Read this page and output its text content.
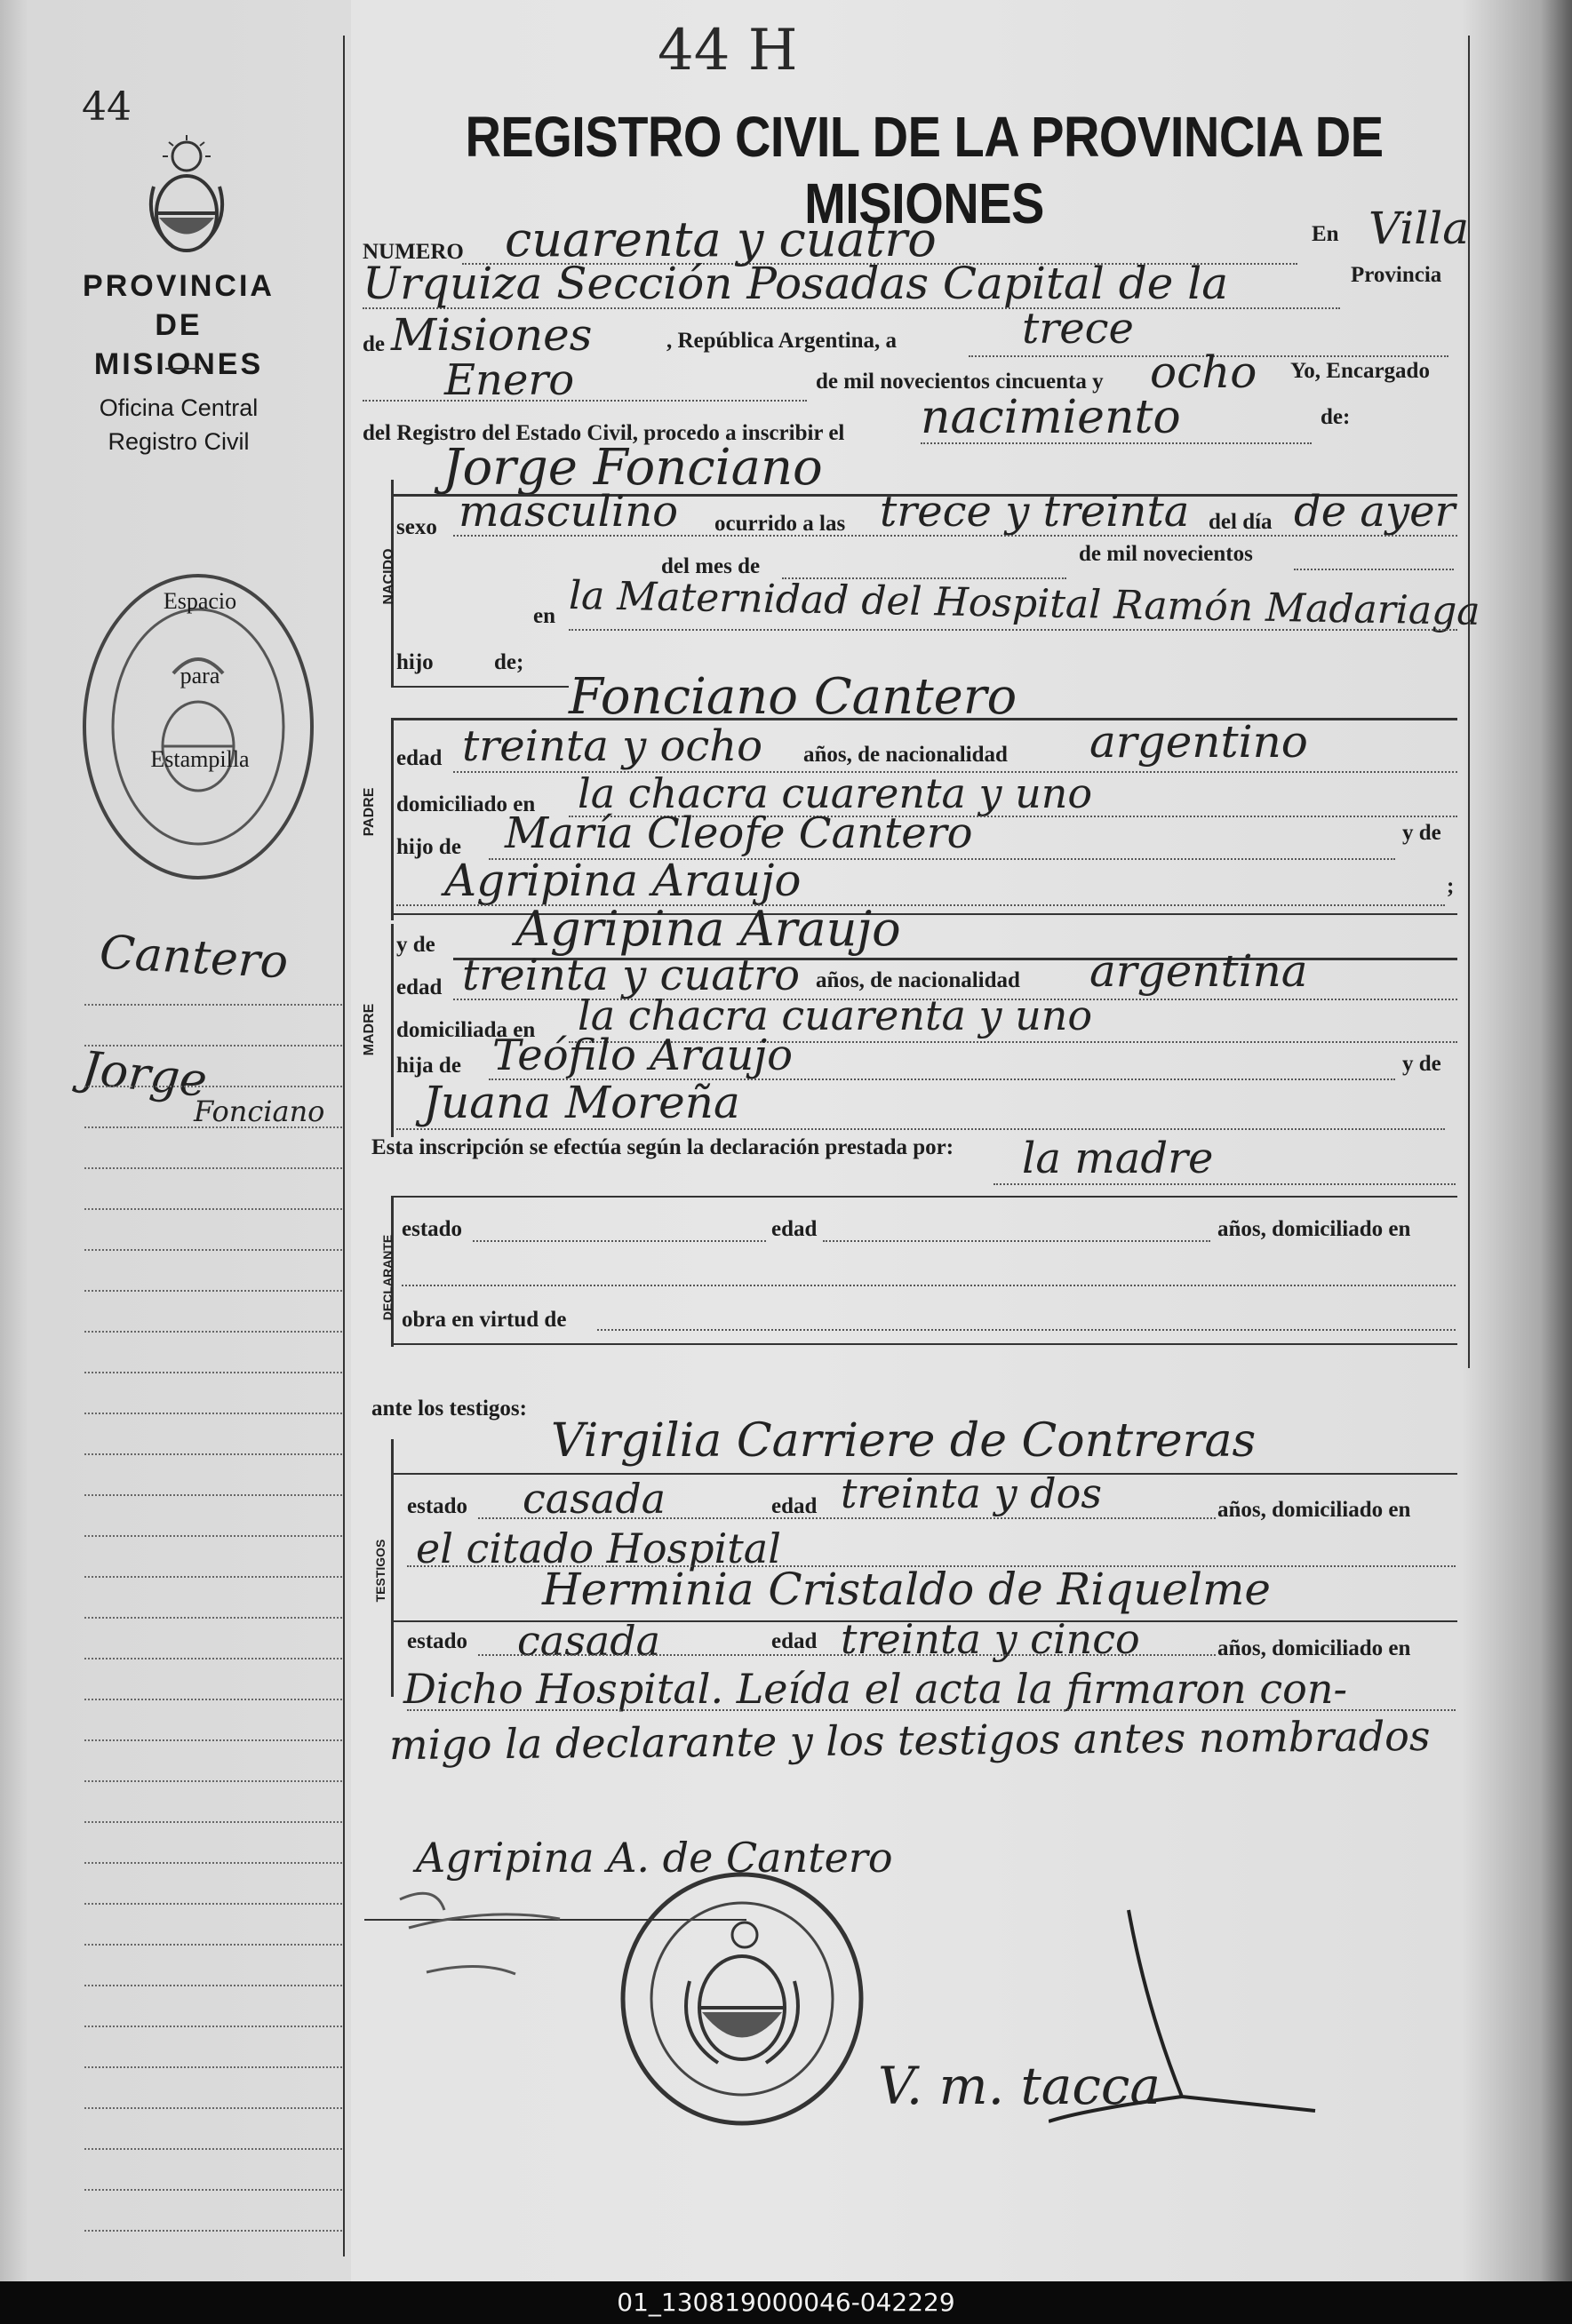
44
PROVINCIA DE
MISIONES
Oficina Central
Registro Civil
Espacio
para
Estampilla
Cantero
Jorge
Fonciano
44 H
REGISTRO CIVIL DE LA PROVINCIA DE MISIONES
NUMERO cuarenta y cuatro	En Villa
Urquiza Sección Posadas Capital de la	Provincia
de Misiones	, República Argentina, a	trece
Enero	de mil novecientos cincuenta y ocho Yo, Encargado
del Registro del Estado Civil, procedo a inscribir el nacimiento	de:
NACIDO
Jorge Fonciano
sexo masculino ocurrido a las trece y treinta del día de ayer
del mes de
de mil novecientos
en la Maternidad del Hospital Ramón Madariaga
hijo	de;
Fonciano Cantero
PADRE
edad treinta y ocho años, de nacionalidad argentino
domiciliado en la chacra cuarenta y uno
hijo de María Cleofe Cantero	y de
Agripina Araujo	;
MADRE
y de Agripina Araujo
edad treinta y cuatro años, de nacionalidad argentina
domiciliada en la chacra cuarenta y uno
hija de Teófilo Araujo	y de
Juana Moreña
Esta inscripción se efectúa según la declaración prestada por: la madre
DECLARANTE
estado	edad	años, domiciliado en
obra en virtud de
ante los testigos:
Virgilia Carriere de Contreras
TESTIGOS
estado casada	edad treinta y dos	años, domiciliado en
el citado Hospital
Herminia Cristaldo de Riquelme
estado casada	edad treinta y cinco	años, domiciliado en
Dicho Hospital. Leída el acta la firmaron con-
migo la declarante y los testigos antes nombrados
Agripina A. de Cantero
V. m. tacca
01_130819000046-042229
